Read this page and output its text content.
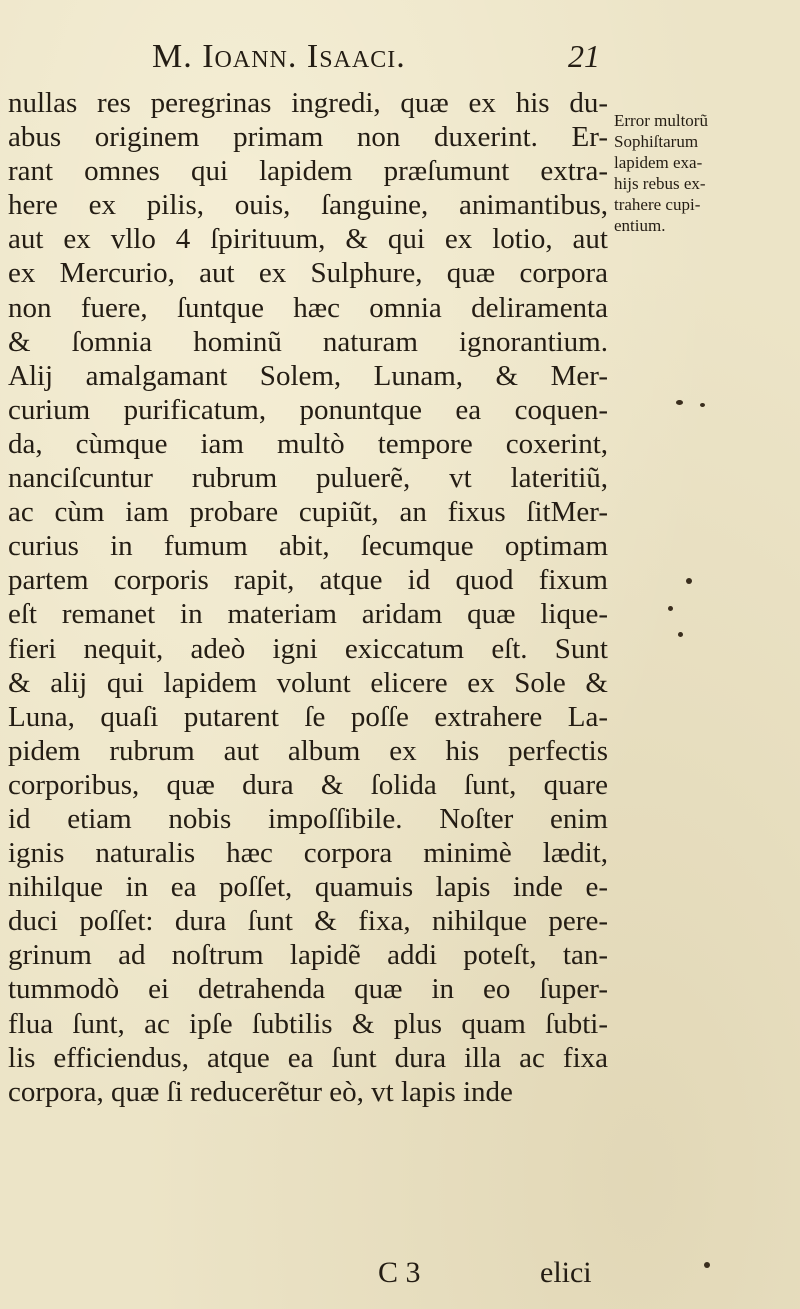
M. Ioann. Isaaci.	21
nullas res peregrinas ingredi, quæ ex his du-
abus originem primam non duxerint. Er-
rant omnes qui lapidem præſumunt extra-
here ex pilis, ouis, ſanguine, animantibus,
aut ex vllo 4 ſpirituum, & qui ex lotio, aut
ex Mercurio, aut ex Sulphure, quæ corpora
non fuere, ſuntque hæc omnia deliramenta
& ſomnia hominũ naturam ignorantium.
Alij amalgamant Solem, Lunam, & Mer-
curium purificatum, ponuntque ea coquen-
da, cùmque iam multò tempore coxerint,
nanciſcuntur rubrum puluerẽ, vt lateritiũ,
ac cùm iam probare cupiũt, an fixus ſitMer-
curius in fumum abit, ſecumque optimam
partem corporis rapit, atque id quod fixum
eſt remanet in materiam aridam quæ lique-
fieri nequit, adeò igni exiccatum eſt. Sunt
& alij qui lapidem volunt elicere ex Sole &
Luna, quaſi putarent ſe poſſe extrahere La-
pidem rubrum aut album ex his perfectis
corporibus, quæ dura & ſolida ſunt, quare
id etiam nobis impoſſibile. Noſter enim
ignis naturalis hæc corpora minimè lædit,
nihilque in ea poſſet, quamuis lapis inde e-
duci poſſet: dura ſunt & fixa, nihilque pere-
grinum ad noſtrum lapidẽ addi poteſt, tan-
tummodò ei detrahenda quæ in eo ſuper-
flua ſunt, ac ipſe ſubtilis & plus quam ſubti-
lis efficiendus, atque ea ſunt dura illa ac fixa
corpora, quæ ſi reducerẽtur eò, vt lapis inde
Error multorũ
Sophiſtarum
lapidem exa-
hijs rebus ex-
trahere cupi-
entium.
C 3	elici
